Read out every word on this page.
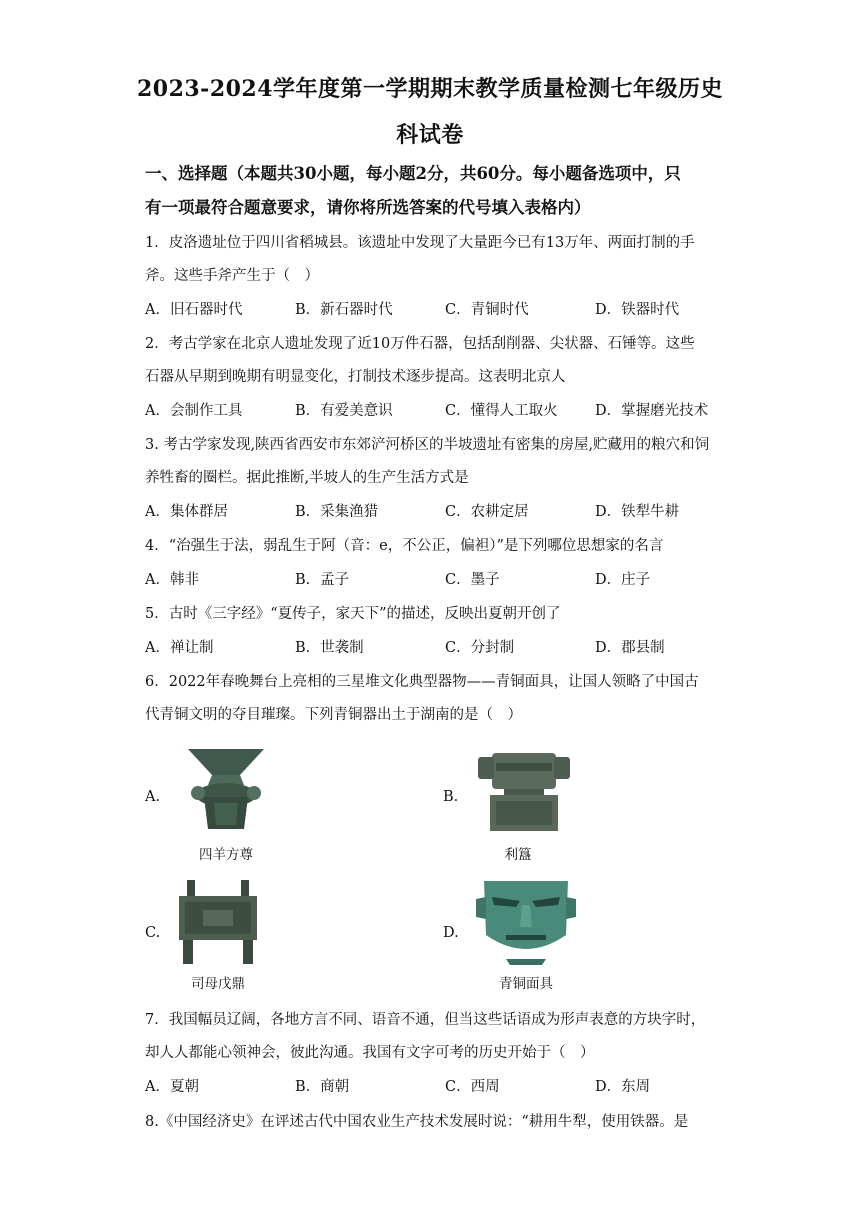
2023-2024学年度第一学期期末教学质量检测七年级历史
科试卷
一、选择题（本题共30小题，每小题2分，共60分。每小题备选项中，只
有一项最符合题意要求，请你将所选答案的代号填入表格内）
1．皮洛遗址位于四川省稻城县。该遗址中发现了大量距今已有13万年、两面打制的手
斧。这些手斧产生于（　）
A．旧石器时代	B．新石器时代	C．青铜时代	D．铁器时代
2．考古学家在北京人遗址发现了近10万件石器，包括刮削器、尖状器、石锤等。这些
石器从早期到晚期有明显变化，打制技术逐步提高。这表明北京人
A．会制作工具	B．有爱美意识	C．懂得人工取火	D．掌握磨光技术
3. 考古学家发现,陕西省西安市东郊浐河桥区的半坡遗址有密集的房屋,贮藏用的粮穴和饲
养牲畜的圈栏。据此推断,半坡人的生产生活方式是
A．集体群居	B．采集渔猎	C．农耕定居	D．铁犁牛耕
4．“治强生于法，弱乱生于阿（音：e，不公正，偏袒）”是下列哪位思想家的名言
A．韩非	B．孟子	C．墨子	D．庄子
5．古时《三字经》“夏传子，家天下”的描述，反映出夏朝开创了
A．禅让制	B．世袭制	C．分封制	D．郡县制
6．2022年春晚舞台上亮相的三星堆文化典型器物——青铜面具，让国人领略了中国古
代青铜文明的夺目璀璨。下列青铜器出土于湖南的是（　）
A.
四羊方尊
B.
利簋
C.
司母戊鼎
D.
青铜面具
7．我国幅员辽阔，各地方言不同、语音不通，但当这些话语成为形声表意的方块字时，
却人人都能心领神会，彼此沟通。我国有文字可考的历史开始于（　）
A．夏朝	B．商朝	C．西周	D．东周
8.《中国经济史》在评述古代中国农业生产技术发展时说：“耕用牛犁，使用铁器。是
